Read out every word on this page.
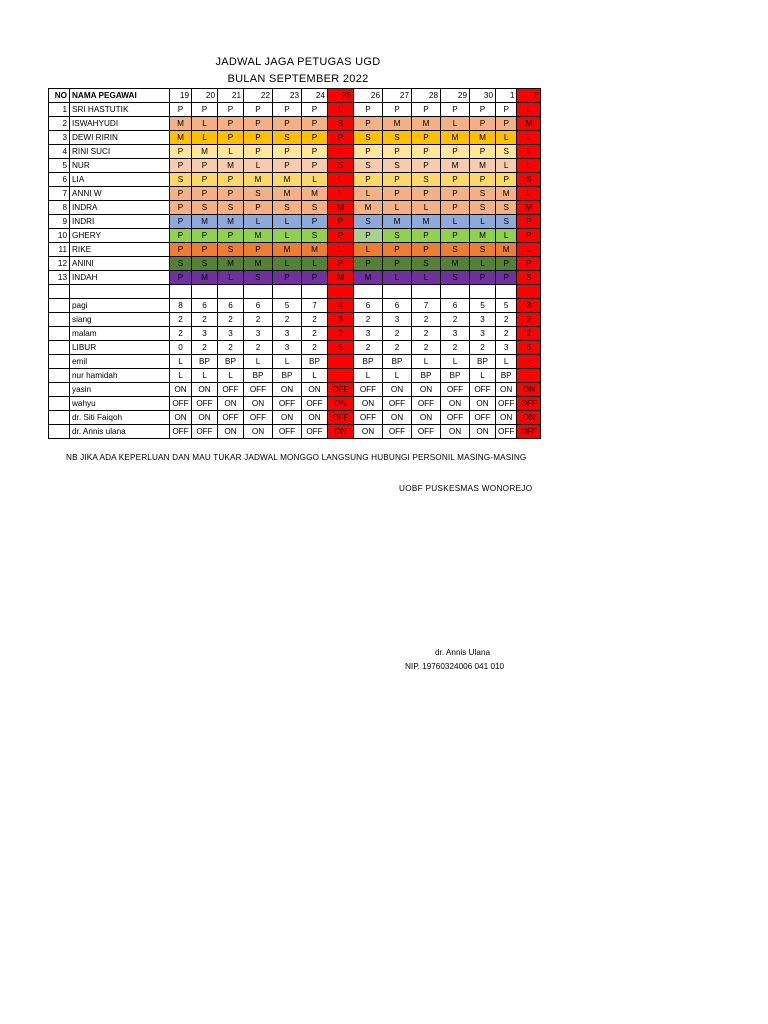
JADWAL JAGA PETUGAS UGD
BULAN SEPTEMBER 2022
NO	NAMA PEGAWAI	19	20	21	22	23	24	25	26	27	28	29	30	1	2
1	SRI HASTUTIK	P	P	P	P	P	P	L	P	P	P	P	P	P	L
2	ISWAHYUDI	M	L	P	P	P	P	S	P	M	M	L	P	P	M
3	DEWI RIRIN	M	L	P	P	S	P	P	S	S	P	M	M	L	L
4	RINI SUCI	P	M	L	P	P	P	L	P	P	P	P	P	S	L
5	NUR	P	P	M	L	P	P	S	S	S	P	M	M	L	L
6	LIA	S	P	P	M	M	L	L	P	P	S	P	P	P	S
7	ANNI W	P	P	P	S	M	M	L	L	P	P	P	S	M	L
8	INDRA	P	S	S	P	S	S	M	M	L	L	P	S	S	M
9	INDRI	P	M	M	L	L	P	P	S	M	M	L	L	S	P
10	GHERY	P	P	P	M	L	S	P	P	S	P	P	M	L	P
11	RIKE	P	P	S	P	M	M	L	L	P	P	S	S	M	L
12	ANINI	S	S	M	M	L	L	P	P	P	S	M	L	P	P
13	INDAH	P	M	L	S	P	P	M	M	L	L	S	P	P	S

	pagi	8	6	6	6	5	7	4	6	6	7	6	5	5	3
	siang	2	2	2	2	2	2	3	2	3	2	2	3	2	2
	malam	2	3	3	3	3	2	2	3	2	2	3	3	2	2
	LIBUR	0	2	2	2	3	2	5	2	2	2	2	2	3	6
	emil	L	BP	BP	L	L	BP	-	BP	BP	L	L	BP	L	-
	nur hamidah	L	L	L	BP	BP	L	-	L	L	BP	BP	L	BP	-
	yasin	ON	ON	OFF	OFF	ON	ON	OFF	OFF	ON	ON	OFF	OFF	ON	ON
	wahyu	OFF	OFF	ON	ON	OFF	OFF	ON	ON	OFF	OFF	ON	ON	OFF	OFF
	dr. Siti Faiqoh	ON	ON	OFF	OFF	ON	ON	OFF	OFF	ON	ON	OFF	OFF	ON	ON
	dr. Annis ulana	OFF	OFF	ON	ON	OFF	OFF	ON	ON	OFF	OFF	ON	ON	OFF	OFF
NB JIKA ADA KEPERLUAN DAN MAU TUKAR JADWAL MONGGO LANGSUNG HUBUNGI PERSONIL MASING-MASING
UOBF PUSKESMAS WONOREJO
dr. Annis Ulana
NIP. 19760324006 041 010
